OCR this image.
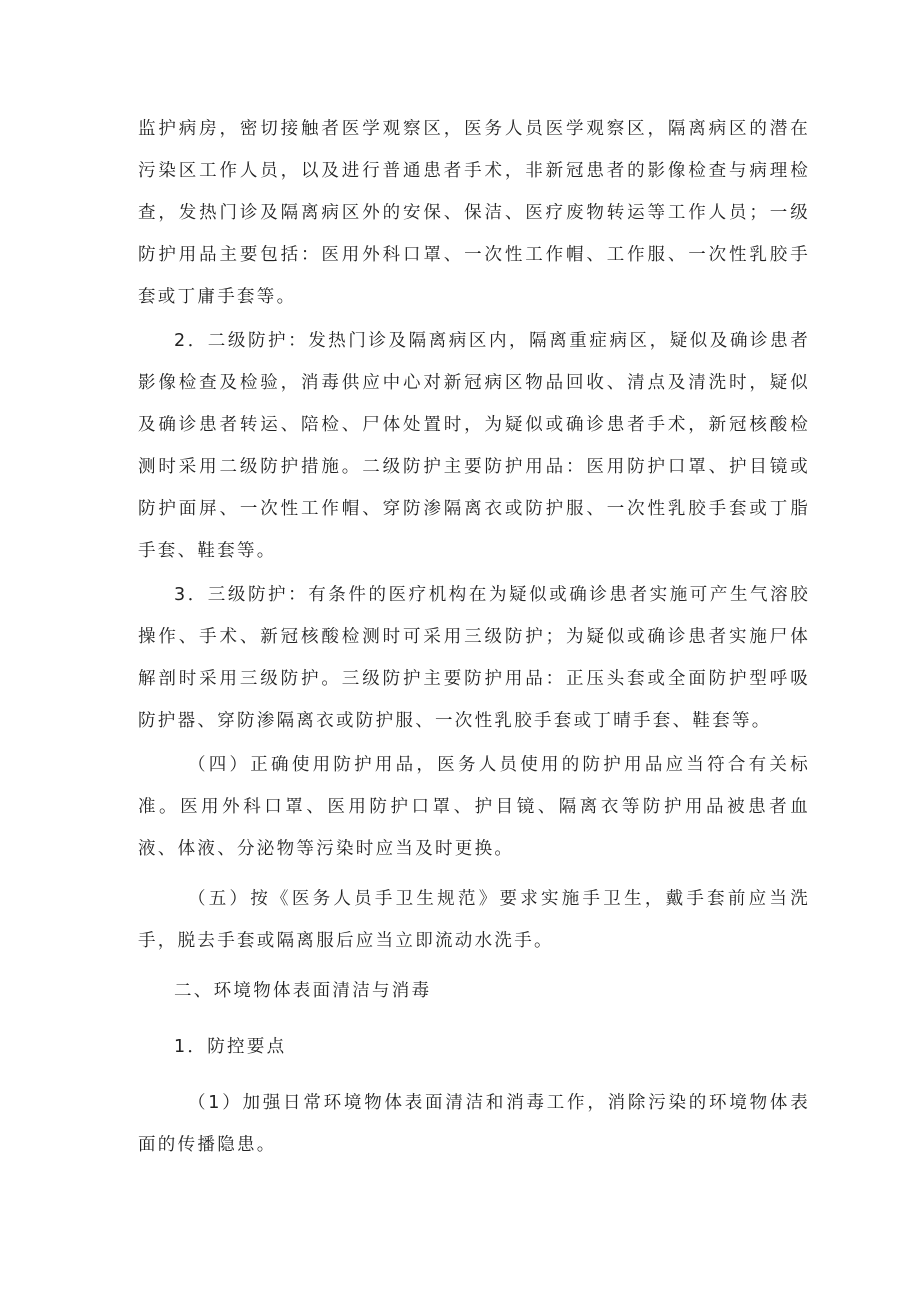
监护病房，密切接触者医学观察区，医务人员医学观察区，隔离病区的潜在污染区工作人员，以及进行普通患者手术，非新冠患者的影像检查与病理检查，发热门诊及隔离病区外的安保、保洁、医疗废物转运等工作人员；一级防护用品主要包括：医用外科口罩、一次性工作帽、工作服、一次性乳胶手套或丁庸手套等。

2．二级防护：发热门诊及隔离病区内，隔离重症病区，疑似及确诊患者影像检查及检验，消毒供应中心对新冠病区物品回收、清点及清洗时，疑似及确诊患者转运、陪检、尸体处置时，为疑似或确诊患者手术，新冠核酸检测时采用二级防护措施。二级防护主要防护用品：医用防护口罩、护目镜或防护面屏、一次性工作帽、穿防渗隔离衣或防护服、一次性乳胶手套或丁脂手套、鞋套等。

3．三级防护：有条件的医疗机构在为疑似或确诊患者实施可产生气溶胶操作、手术、新冠核酸检测时可采用三级防护；为疑似或确诊患者实施尸体解剖时采用三级防护。三级防护主要防护用品：正压头套或全面防护型呼吸防护器、穿防渗隔离衣或防护服、一次性乳胶手套或丁晴手套、鞋套等。

（四）正确使用防护用品，医务人员使用的防护用品应当符合有关标准。医用外科口罩、医用防护口罩、护目镜、隔离衣等防护用品被患者血液、体液、分泌物等污染时应当及时更换。

（五）按《医务人员手卫生规范》要求实施手卫生，戴手套前应当洗手，脱去手套或隔离服后应当立即流动水洗手。

二、环境物体表面清洁与消毒

1．防控要点

（1）加强日常环境物体表面清洁和消毒工作，消除污染的环境物体表面的传播隐患。
